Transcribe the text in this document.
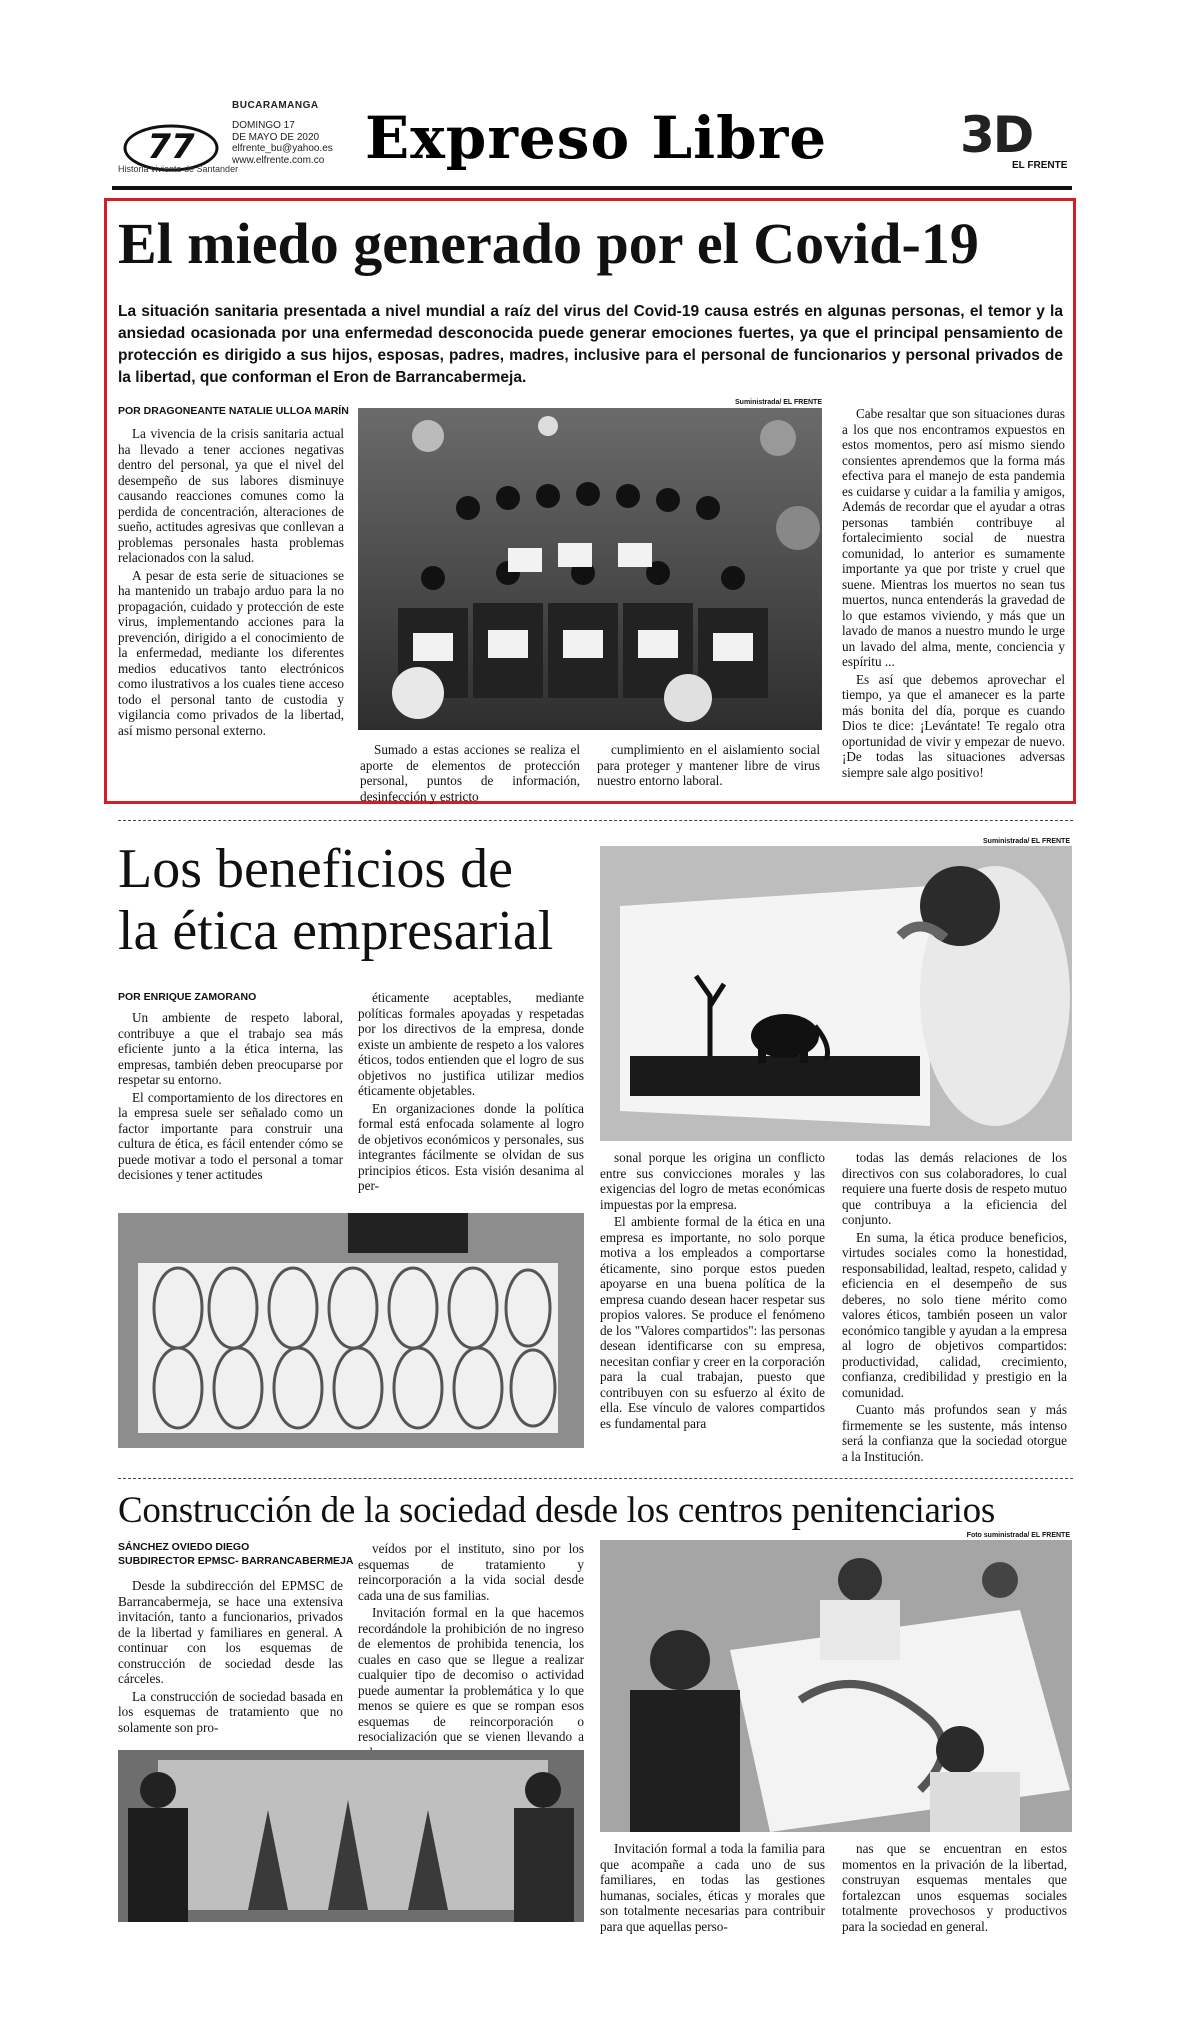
77
Historia viviente de Santander
BUCARAMANGA
DOMINGO 17
DE MAYO DE 2020
elfrente_bu@yahoo.es
www.elfrente.com.co Expreso Libre	3D
EL FRENTE
El miedo generado por el Covid-19
La situación sanitaria presentada a nivel mundial a raíz del virus del Covid-19 causa estrés en algunas personas, el temor y la ansiedad ocasionada por una enfermedad desconocida puede generar emociones fuertes, ya que el principal pensamiento de protección es dirigido a sus hijos, esposas, padres, madres, inclusive para el personal de funcionarios y personal privados de la libertad, que conforman el Eron de Barrancabermeja.
POR DRAGONEANTE NATALIE ULLOA MARÍN

La vivencia de la crisis sanitaria actual ha llevado a tener acciones negativas dentro del personal, ya que el nivel del desempeño de sus labores disminuye causando reacciones comunes como la perdida de concentración, alteraciones de sueño, actitudes agresivas que conllevan a problemas personales hasta problemas relacionados con la salud.

A pesar de esta serie de situaciones se ha mantenido un trabajo arduo para la no propagación, cuidado y protección de este virus, implementando acciones para la prevención, dirigido a el conocimiento de la enfermedad, mediante los diferentes medios educativos tanto electrónicos como ilustrativos a los cuales tiene acceso todo el personal tanto de custodia y vigilancia como privados de la libertad, así mismo personal externo.

Suministrada/ EL FRENTE
Sumado a estas acciones se realiza el aporte de elementos de protección personal, puntos de información, desinfección y estricto
cumplimiento en el aislamiento social para proteger y mantener libre de virus nuestro entorno laboral.

Cabe resaltar que son situaciones duras a los que nos encontramos expuestos en estos momentos, pero así mismo siendo consientes aprendemos que la forma más efectiva para el manejo de esta pandemia es cuidarse y cuidar a la familia y amigos, Además de recordar que el ayudar a otras personas también contribuye al fortalecimiento social de nuestra comunidad, lo anterior es sumamente importante ya que por triste y cruel que suene. Mientras los muertos no sean tus muertos, nunca entenderás la gravedad de lo que estamos viviendo, y más que un lavado de manos a nuestro mundo le urge un lavado del alma, mente, conciencia y espíritu ...

Es así que debemos aprovechar el tiempo, ya que el amanecer es la parte más bonita del día, porque es cuando Dios te dice: ¡Levántate! Te regalo otra oportunidad de vivir y empezar de nuevo. ¡De todas las situaciones adversas siempre sale algo positivo!

Los beneficios de
la ética empresarial
POR ENRIQUE ZAMORANO

Un ambiente de respeto laboral, contribuye a que el trabajo sea más eficiente junto a la ética interna, las empresas, también deben preocuparse por respetar su entorno.

El comportamiento de los directores en la empresa suele ser señalado como un factor importante para construir una cultura de ética, es fácil entender cómo se puede motivar a todo el personal a tomar decisiones y tener actitudes

éticamente aceptables, mediante políticas formales apoyadas y respetadas por los directivos de la empresa, donde existe un ambiente de respeto a los valores éticos, todos entienden que el logro de sus objetivos no justifica utilizar medios éticamente objetables.

En organizaciones donde la política formal está enfocada solamente al logro de objetivos económicos y personales, sus integrantes fácilmente se olvidan de sus principios éticos. Esta visión desanima al per-

Suministrada/ EL FRENTE

sonal porque les origina un conflicto entre sus convicciones morales y las exigencias del logro de metas económicas impuestas por la empresa.

El ambiente formal de la ética en una empresa es importante, no solo porque motiva a los empleados a comportarse éticamente, sino porque estos pueden apoyarse en una buena política de la empresa cuando desean hacer respetar sus propios valores. Se produce el fenómeno de los "Valores compartidos": las personas desean identificarse con su empresa, necesitan confiar y creer en la corporación para la cual trabajan, puesto que contribuyen con su esfuerzo al éxito de ella. Ese vínculo de valores compartidos es fundamental para

todas las demás relaciones de los directivos con sus colaboradores, lo cual requiere una fuerte dosis de respeto mutuo que contribuya a la eficiencia del conjunto.

En suma, la ética produce beneficios, virtudes sociales como la honestidad, responsabilidad, lealtad, respeto, calidad y eficiencia en el desempeño de sus deberes, no solo tiene mérito como valores éticos, también poseen un valor económico tangible y ayudan a la empresa al logro de objetivos compartidos: productividad, calidad, crecimiento, confianza, credibilidad y prestigio en la comunidad.

Cuanto más profundos sean y más firmemente se les sustente, más intenso será la confianza que la sociedad otorgue a la Institución.

Construcción de la sociedad desde los centros penitenciarios
SÁNCHEZ OVIEDO DIEGO
SUBDIRECTOR EPMSC- BARRANCABERMEJA

Desde la subdirección del EPMSC de Barrancabermeja, se hace una extensiva invitación, tanto a funcionarios, privados de la libertad y familiares en general. A continuar con los esquemas de construcción de sociedad desde las cárceles.

La construcción de sociedad basada en los esquemas de tratamiento que no solamente son pro-

veídos por el instituto, sino por los esquemas de tratamiento y reincorporación a la vida social desde cada una de sus familias.

Invitación formal en la que hacemos recordándole la prohibición de no ingreso de elementos de prohibida tenencia, los cuales en caso que se llegue a realizar cualquier tipo de decomiso o actividad puede aumentar la problemática y lo que menos se quiere es que se rompan esos esquemas de reincorporación o resocialización que se vienen llevando a

Foto suministrada/ EL FRENTE
Invitación formal a toda la familia para que acompañe a cada uno de sus familiares, en todas las gestiones humanas, sociales, éticas y morales que son totalmente necesarias para contribuir para que aquellas perso-
nas que se encuentran en estos momentos en la privación de la libertad, construyan esquemas mentales que fortalezcan unos esquemas sociales totalmente provechosos y productivos para la sociedad en general.
